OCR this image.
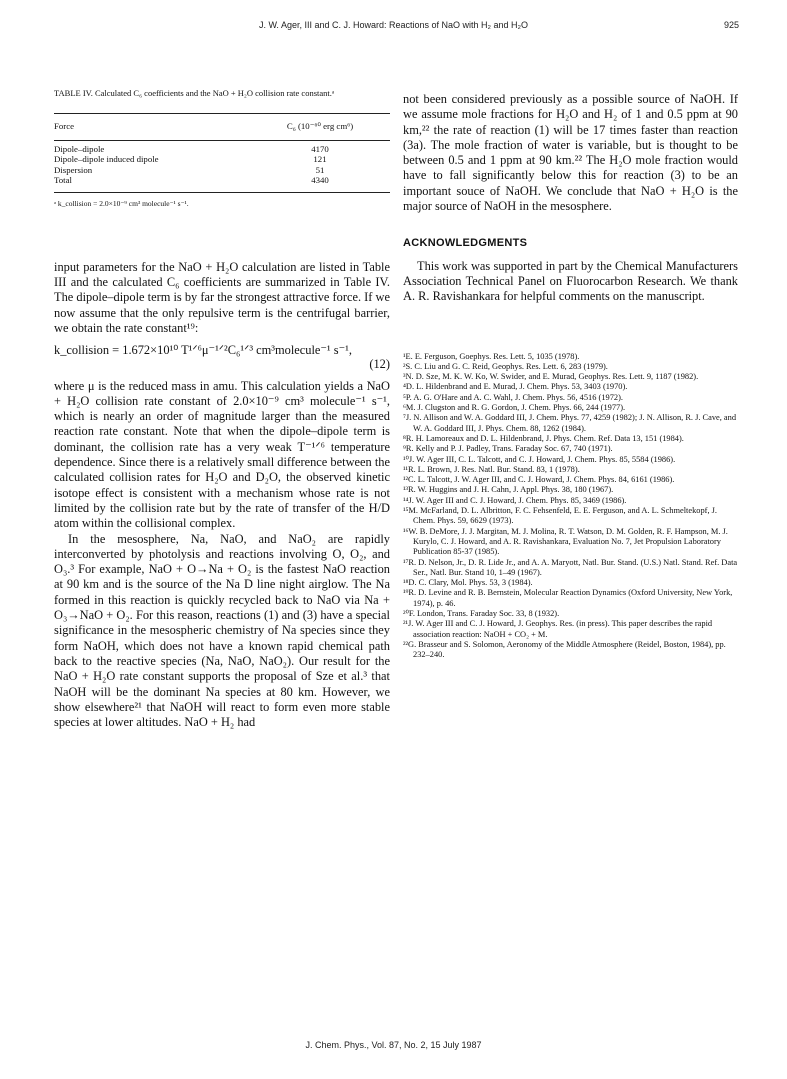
J. W. Ager, III and C. J. Howard: Reactions of NaO with H₂ and H₂O	925
TABLE IV. Calculated C₆ coefficients and the NaO + H₂O collision rate constant.ᵃ
Force	C₆ (10⁻⁶⁰ erg cm⁶)
Dipole–dipole	4170
Dipole–dipole induced dipole	121
Dispersion	51
Total	4340
ᵃ k_collision = 2.0×10⁻⁹ cm³ molecule⁻¹ s⁻¹.

input parameters for the NaO + H₂O calculation are listed in Table III and the calculated C₆ coefficients are summarized in Table IV. The dipole–dipole term is by far the strongest attractive force. If we now assume that the only repulsive term is the centrifugal barrier, we obtain the rate constant¹⁹:

k_collision = 1.672×10¹⁰ T¹ᐟ⁶μ⁻¹ᐟ²C₆¹ᐟ³ cm³molecule⁻¹ s⁻¹,
(12)

where μ is the reduced mass in amu. This calculation yields a NaO + H₂O collision rate constant of 2.0×10⁻⁹ cm³ molecule⁻¹ s⁻¹, which is nearly an order of magnitude larger than the measured reaction rate constant. Note that when the dipole–dipole term is dominant, the collision rate has a very weak T⁻¹ᐟ⁶ temperature dependence. Since there is a relatively small difference between the calculated collision rates for H₂O and D₂O, the observed kinetic isotope effect is consistent with a mechanism whose rate is not limited by the collision rate but by the rate of transfer of the H/D atom within the collisional complex.

In the mesosphere, Na, NaO, and NaO₂ are rapidly interconverted by photolysis and reactions involving O, O₂, and O₃.³ For example, NaO + O→Na + O₂ is the fastest NaO reaction at 90 km and is the source of the Na D line night airglow. The Na formed in this reaction is quickly recycled back to NaO via Na + O₃→NaO + O₂. For this reason, reactions (1) and (3) have a special significance in the mesospheric chemistry of Na species since they form NaOH, which does not have a known rapid chemical path back to the reactive species (Na, NaO, NaO₂). Our result for the NaO + H₂O rate constant supports the proposal of Sze et al.³ that NaOH will be the dominant Na species at 80 km. However, we show elsewhere²¹ that NaOH will react to form even more stable species at lower altitudes. NaO + H₂ had

not been considered previously as a possible source of NaOH. If we assume mole fractions for H₂O and H₂ of 1 and 0.5 ppm at 90 km,²² the rate of reaction (1) will be 17 times faster than reaction (3a). The mole fraction of water is variable, but is thought to be between 0.5 and 1 ppm at 90 km.²² The H₂O mole fraction would have to fall significantly below this for reaction (3) to be an important souce of NaOH. We conclude that NaO + H₂O is the major source of NaOH in the mesosphere.

ACKNOWLEDGMENTS

This work was supported in part by the Chemical Manufacturers Association Technical Panel on Fluorocarbon Research. We thank A. R. Ravishankara for helpful comments on the manuscript.

¹E. E. Ferguson, Goephys. Res. Lett. 5, 1035 (1978).

²S. C. Liu and G. C. Reid, Geophys. Res. Lett. 6, 283 (1979).

³N. D. Sze, M. K. W. Ko, W. Swider, and E. Murad, Geophys. Res. Lett. 9, 1187 (1982).

⁴D. L. Hildenbrand and E. Murad, J. Chem. Phys. 53, 3403 (1970).

⁵P. A. G. O'Hare and A. C. Wahl, J. Chem. Phys. 56, 4516 (1972).

⁶M. J. Clugston and R. G. Gordon, J. Chem. Phys. 66, 244 (1977).

⁷J. N. Allison and W. A. Goddard III, J. Chem. Phys. 77, 4259 (1982); J. N. Allison, R. J. Cave, and W. A. Goddard III, J. Phys. Chem. 88, 1262 (1984).

⁸R. H. Lamoreaux and D. L. Hildenbrand, J. Phys. Chem. Ref. Data 13, 151 (1984).

⁹R. Kelly and P. J. Padley, Trans. Faraday Soc. 67, 740 (1971).

¹⁰J. W. Ager III, C. L. Talcott, and C. J. Howard, J. Chem. Phys. 85, 5584 (1986).

¹¹R. L. Brown, J. Res. Natl. Bur. Stand. 83, 1 (1978).

¹²C. L. Talcott, J. W. Ager III, and C. J. Howard, J. Chem. Phys. 84, 6161 (1986).

¹³R. W. Huggins and J. H. Cahn, J. Appl. Phys. 38, 180 (1967).

¹⁴J. W. Ager III and C. J. Howard, J. Chem. Phys. 85, 3469 (1986).

¹⁵M. McFarland, D. L. Albritton, F. C. Fehsenfeld, E. E. Ferguson, and A. L. Schmeltekopf, J. Chem. Phys. 59, 6629 (1973).

¹⁶W. B. DeMore, J. J. Margitan, M. J. Molina, R. T. Watson, D. M. Golden, R. F. Hampson, M. J. Kurylo, C. J. Howard, and A. R. Ravishankara, Evaluation No. 7, Jet Propulsion Laboratory Publication 85-37 (1985).

¹⁷R. D. Nelson, Jr., D. R. Lide Jr., and A. A. Maryott, Natl. Bur. Stand. (U.S.) Natl. Stand. Ref. Data Ser., Natl. Bur. Stand 10, 1–49 (1967).

¹⁸D. C. Clary, Mol. Phys. 53, 3 (1984).

¹⁹R. D. Levine and R. B. Bernstein, Molecular Reaction Dynamics (Oxford University, New York, 1974), p. 46.

²⁰F. London, Trans. Faraday Soc. 33, 8 (1932).

²¹J. W. Ager III and C. J. Howard, J. Geophys. Res. (in press). This paper describes the rapid association reaction: NaOH + CO₂ + M.

²²G. Brasseur and S. Solomon, Aeronomy of the Middle Atmosphere (Reidel, Boston, 1984), pp. 232–240.

J. Chem. Phys., Vol. 87, No. 2, 15 July 1987
